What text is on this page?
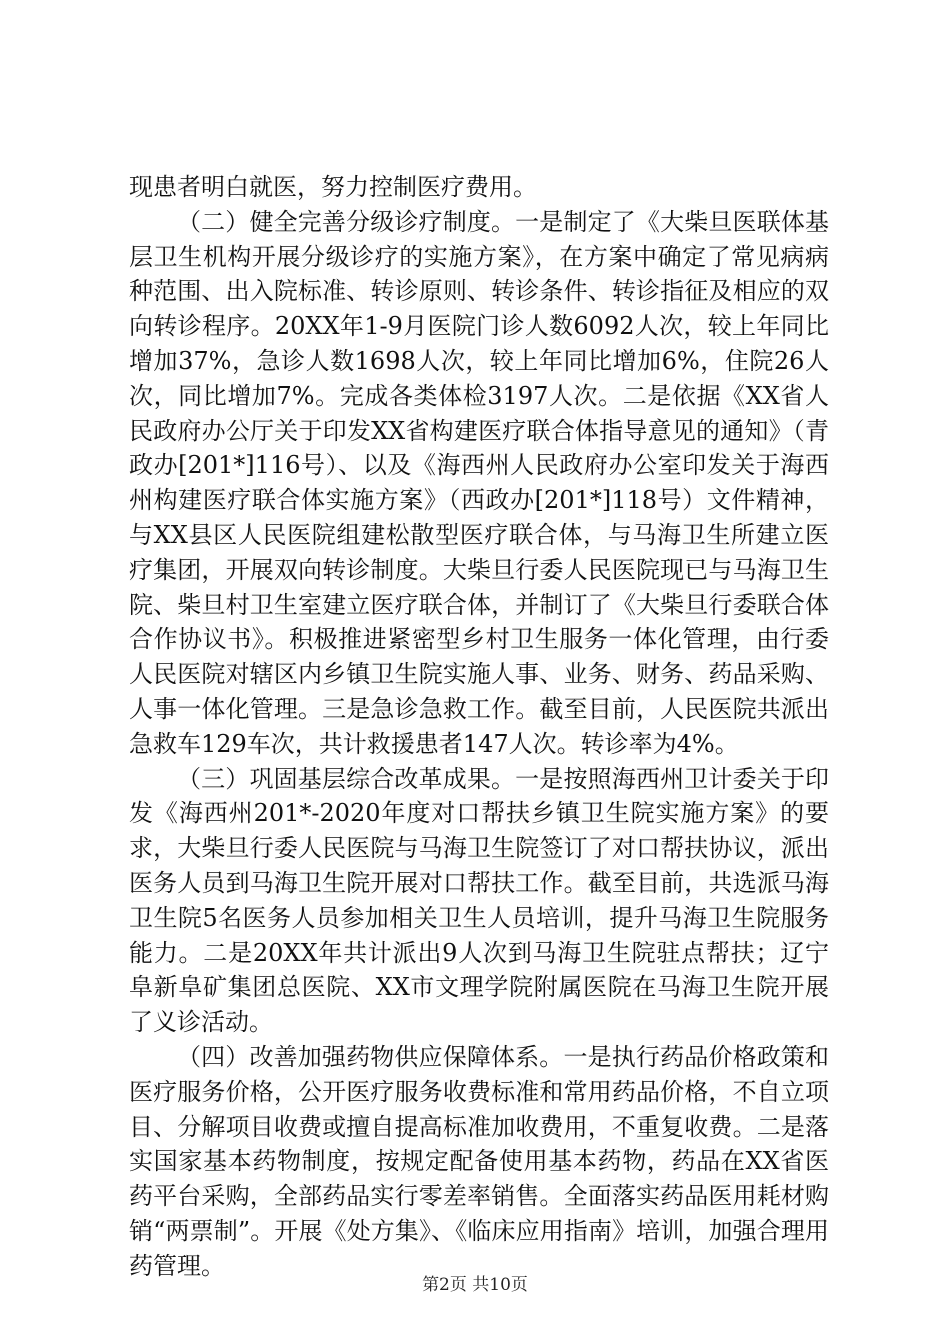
现患者明白就医，努力控制医疗费用。

（二）健全完善分级诊疗制度。一是制定了《大柴旦医联体基层卫生机构开展分级诊疗的实施方案》，在方案中确定了常见病病种范围、出入院标准、转诊原则、转诊条件、转诊指征及相应的双向转诊程序。20XX年1-9月医院门诊人数6092人次，较上年同比增加37%，急诊人数1698人次，较上年同比增加6%，住院26人次，同比增加7%。完成各类体检3197人次。二是依据《XX省人民政府办公厅关于印发XX省构建医疗联合体指导意见的通知》（青政办[201*]116号）、以及《海西州人民政府办公室印发关于海西州构建医疗联合体实施方案》（西政办[201*]118号）文件精神，与XX县区人民医院组建松散型医疗联合体，与马海卫生所建立医疗集团，开展双向转诊制度。大柴旦行委人民医院现已与马海卫生院、柴旦村卫生室建立医疗联合体，并制订了《大柴旦行委联合体合作协议书》。积极推进紧密型乡村卫生服务一体化管理，由行委人民医院对辖区内乡镇卫生院实施人事、业务、财务、药品采购、人事一体化管理。三是急诊急救工作。截至目前，人民医院共派出急救车129车次，共计救援患者147人次。转诊率为4%。

（三）巩固基层综合改革成果。一是按照海西州卫计委关于印发《海西州201*-2020年度对口帮扶乡镇卫生院实施方案》的要求，大柴旦行委人民医院与马海卫生院签订了对口帮扶协议，派出医务人员到马海卫生院开展对口帮扶工作。截至目前，共选派马海卫生院5名医务人员参加相关卫生人员培训，提升马海卫生院服务能力。二是20XX年共计派出9人次到马海卫生院驻点帮扶；辽宁阜新阜矿集团总医院、XX市文理学院附属医院在马海卫生院开展了义诊活动。

（四）改善加强药物供应保障体系。一是执行药品价格政策和医疗服务价格，公开医疗服务收费标准和常用药品价格，不自立项目、分解项目收费或擅自提高标准加收费用，不重复收费。二是落实国家基本药物制度，按规定配备使用基本药物，药品在XX省医药平台采购，全部药品实行零差率销售。全面落实药品医用耗材购销“两票制”。开展《处方集》、《临床应用指南》培训，加强合理用药管理。

第2页 共10页
